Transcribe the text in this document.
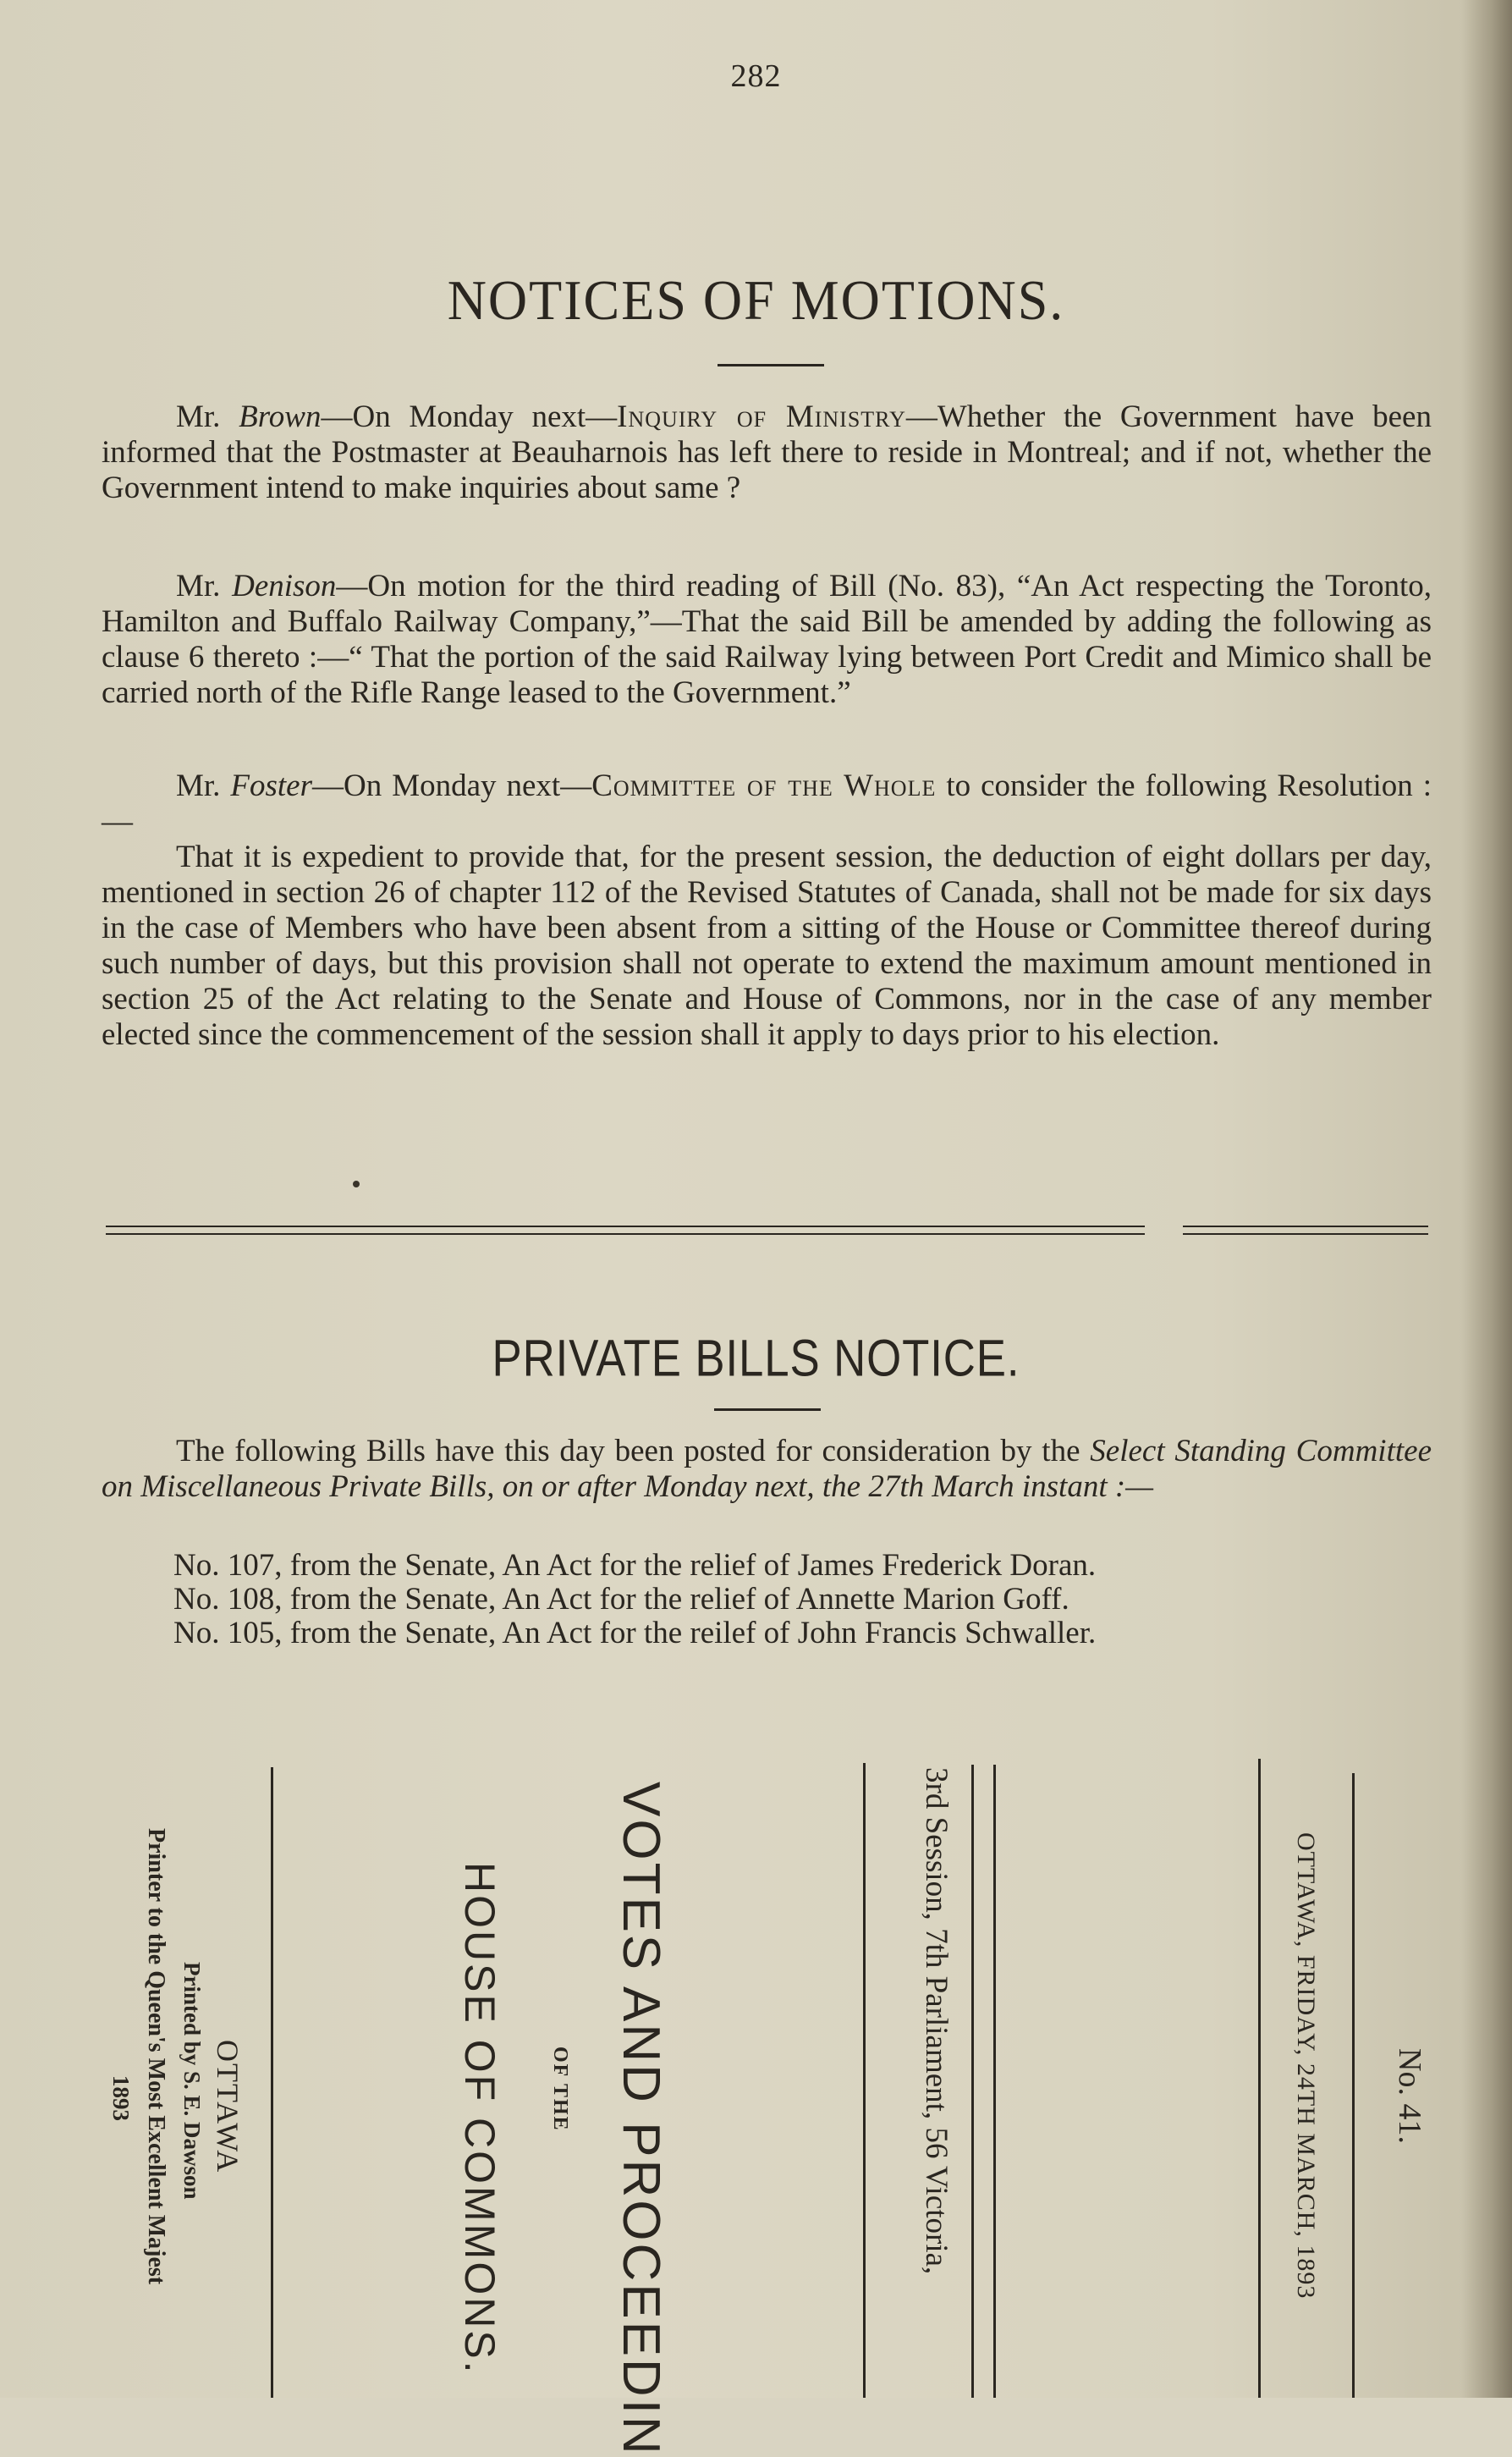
282
NOTICES OF MOTIONS.

Mr. Brown—On Monday next—Inquiry of Ministry—Whether the Government have been informed that the Postmaster at Beauharnois has left there to reside in Montreal; and if not, whether the Government intend to make inquiries about same ?

Mr. Denison—On motion for the third reading of Bill (No. 83), “An Act respecting the Toronto, Hamilton and Buffalo Railway Company,”—That the said Bill be amended by adding the following as clause 6 thereto :—“ That the portion of the said Railway lying between Port Credit and Mimico shall be carried north of the Rifle Range leased to the Government.”

Mr. Foster—On Monday next—Committee of the Whole to consider the following Resolution :—

That it is expedient to provide that, for the present session, the deduction of eight dollars per day, mentioned in section 26 of chapter 112 of the Revised Statutes of Canada, shall not be made for six days in the case of Members who have been absent from a sitting of the House or Committee thereof during such number of days, but this provision shall not operate to extend the maximum amount mentioned in section 25 of the Act relating to the Senate and House of Commons, nor in the case of any member elected since the commencement of the session shall it apply to days prior to his election.

PRIVATE BILLS NOTICE.

The following Bills have this day been posted for consideration by the Select Standing Committee on Miscellaneous Private Bills, on or after Monday next, the 27th March instant :—

No. 107, from the Senate, An Act for the relief of James Frederick Doran.

No. 108, from the Senate, An Act for the relief of Annette Marion Goff.

No. 105, from the Senate, An Act for the reilef of John Francis Schwaller.

No. 41.
OTTAWA, FRIDAY, 24TH MARCH, 1893
3rd Session, 7th Parliament, 56 Victoria,
VOTES AND PROCEEDIN
OF THE
HOUSE OF COMMONS.
OTTAWA
Printed by S. E. Dawson
Printer to the Queen's Most Excellent Majest
1893
